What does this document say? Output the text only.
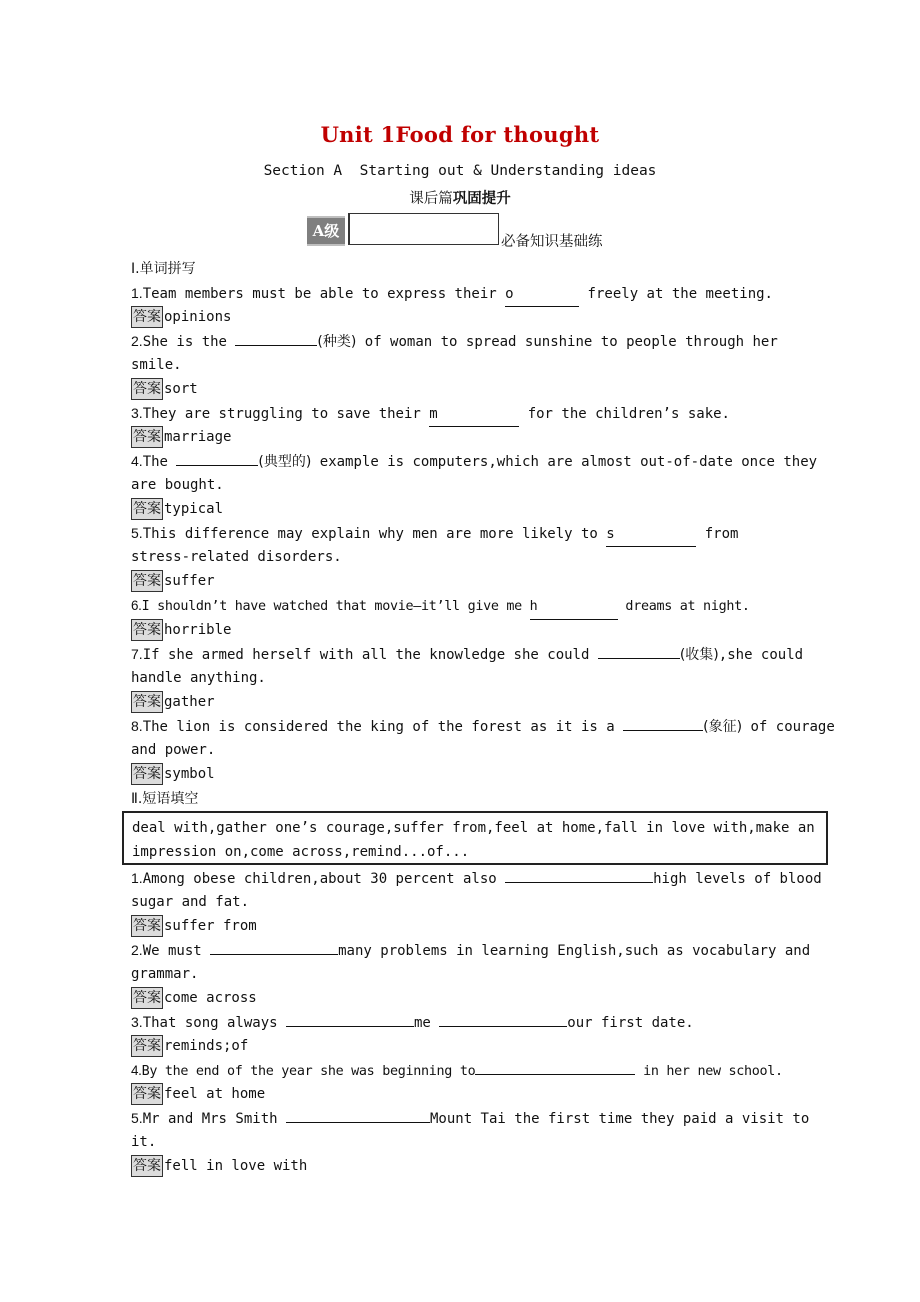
Unit 1Food for thought
Section A  Starting out & Understanding ideas
课后篇巩固提升
A级
必备知识基础练
Ⅰ.单词拼写
1.Team members must be able to express their o	freely at the meeting.
答案 opinions
2.She is the	(种类) of woman to spread sunshine to people through her
smile.
答案 sort
3.They are struggling to save their m	for the children’s sake.
答案 marriage
4.The	(典型的) example is computers,which are almost out-of-date once they
are bought.
答案 typical
5.This difference may explain why men are more likely to s	from
stress-related disorders.
答案 suffer
6.I shouldn’t have watched that movie—it’ll give me h	dreams at night.
答案 horrible
7.If she armed herself with all the knowledge she could	(收集),she could
handle anything.
答案 gather
8.The lion is considered the king of the forest as it is a	(象征) of courage
and power.
答案 symbol
Ⅱ.短语填空
deal with,gather one’s courage,suffer from,feel at home,fall in love with,make an
impression on,come across,remind...of...
1.Among obese children,about 30 percent also	high levels of blood
sugar and fat.
答案 suffer from
2.We must	many problems in learning English,such as vocabulary and
grammar.
答案 come across
3.That song always	me	our first date.
答案 reminds;of
4.By the end of the year she was beginning to	in her new school.
答案 feel at home
5.Mr and Mrs Smith	Mount Tai the first time they paid a visit to
it.
答案 fell in love with
